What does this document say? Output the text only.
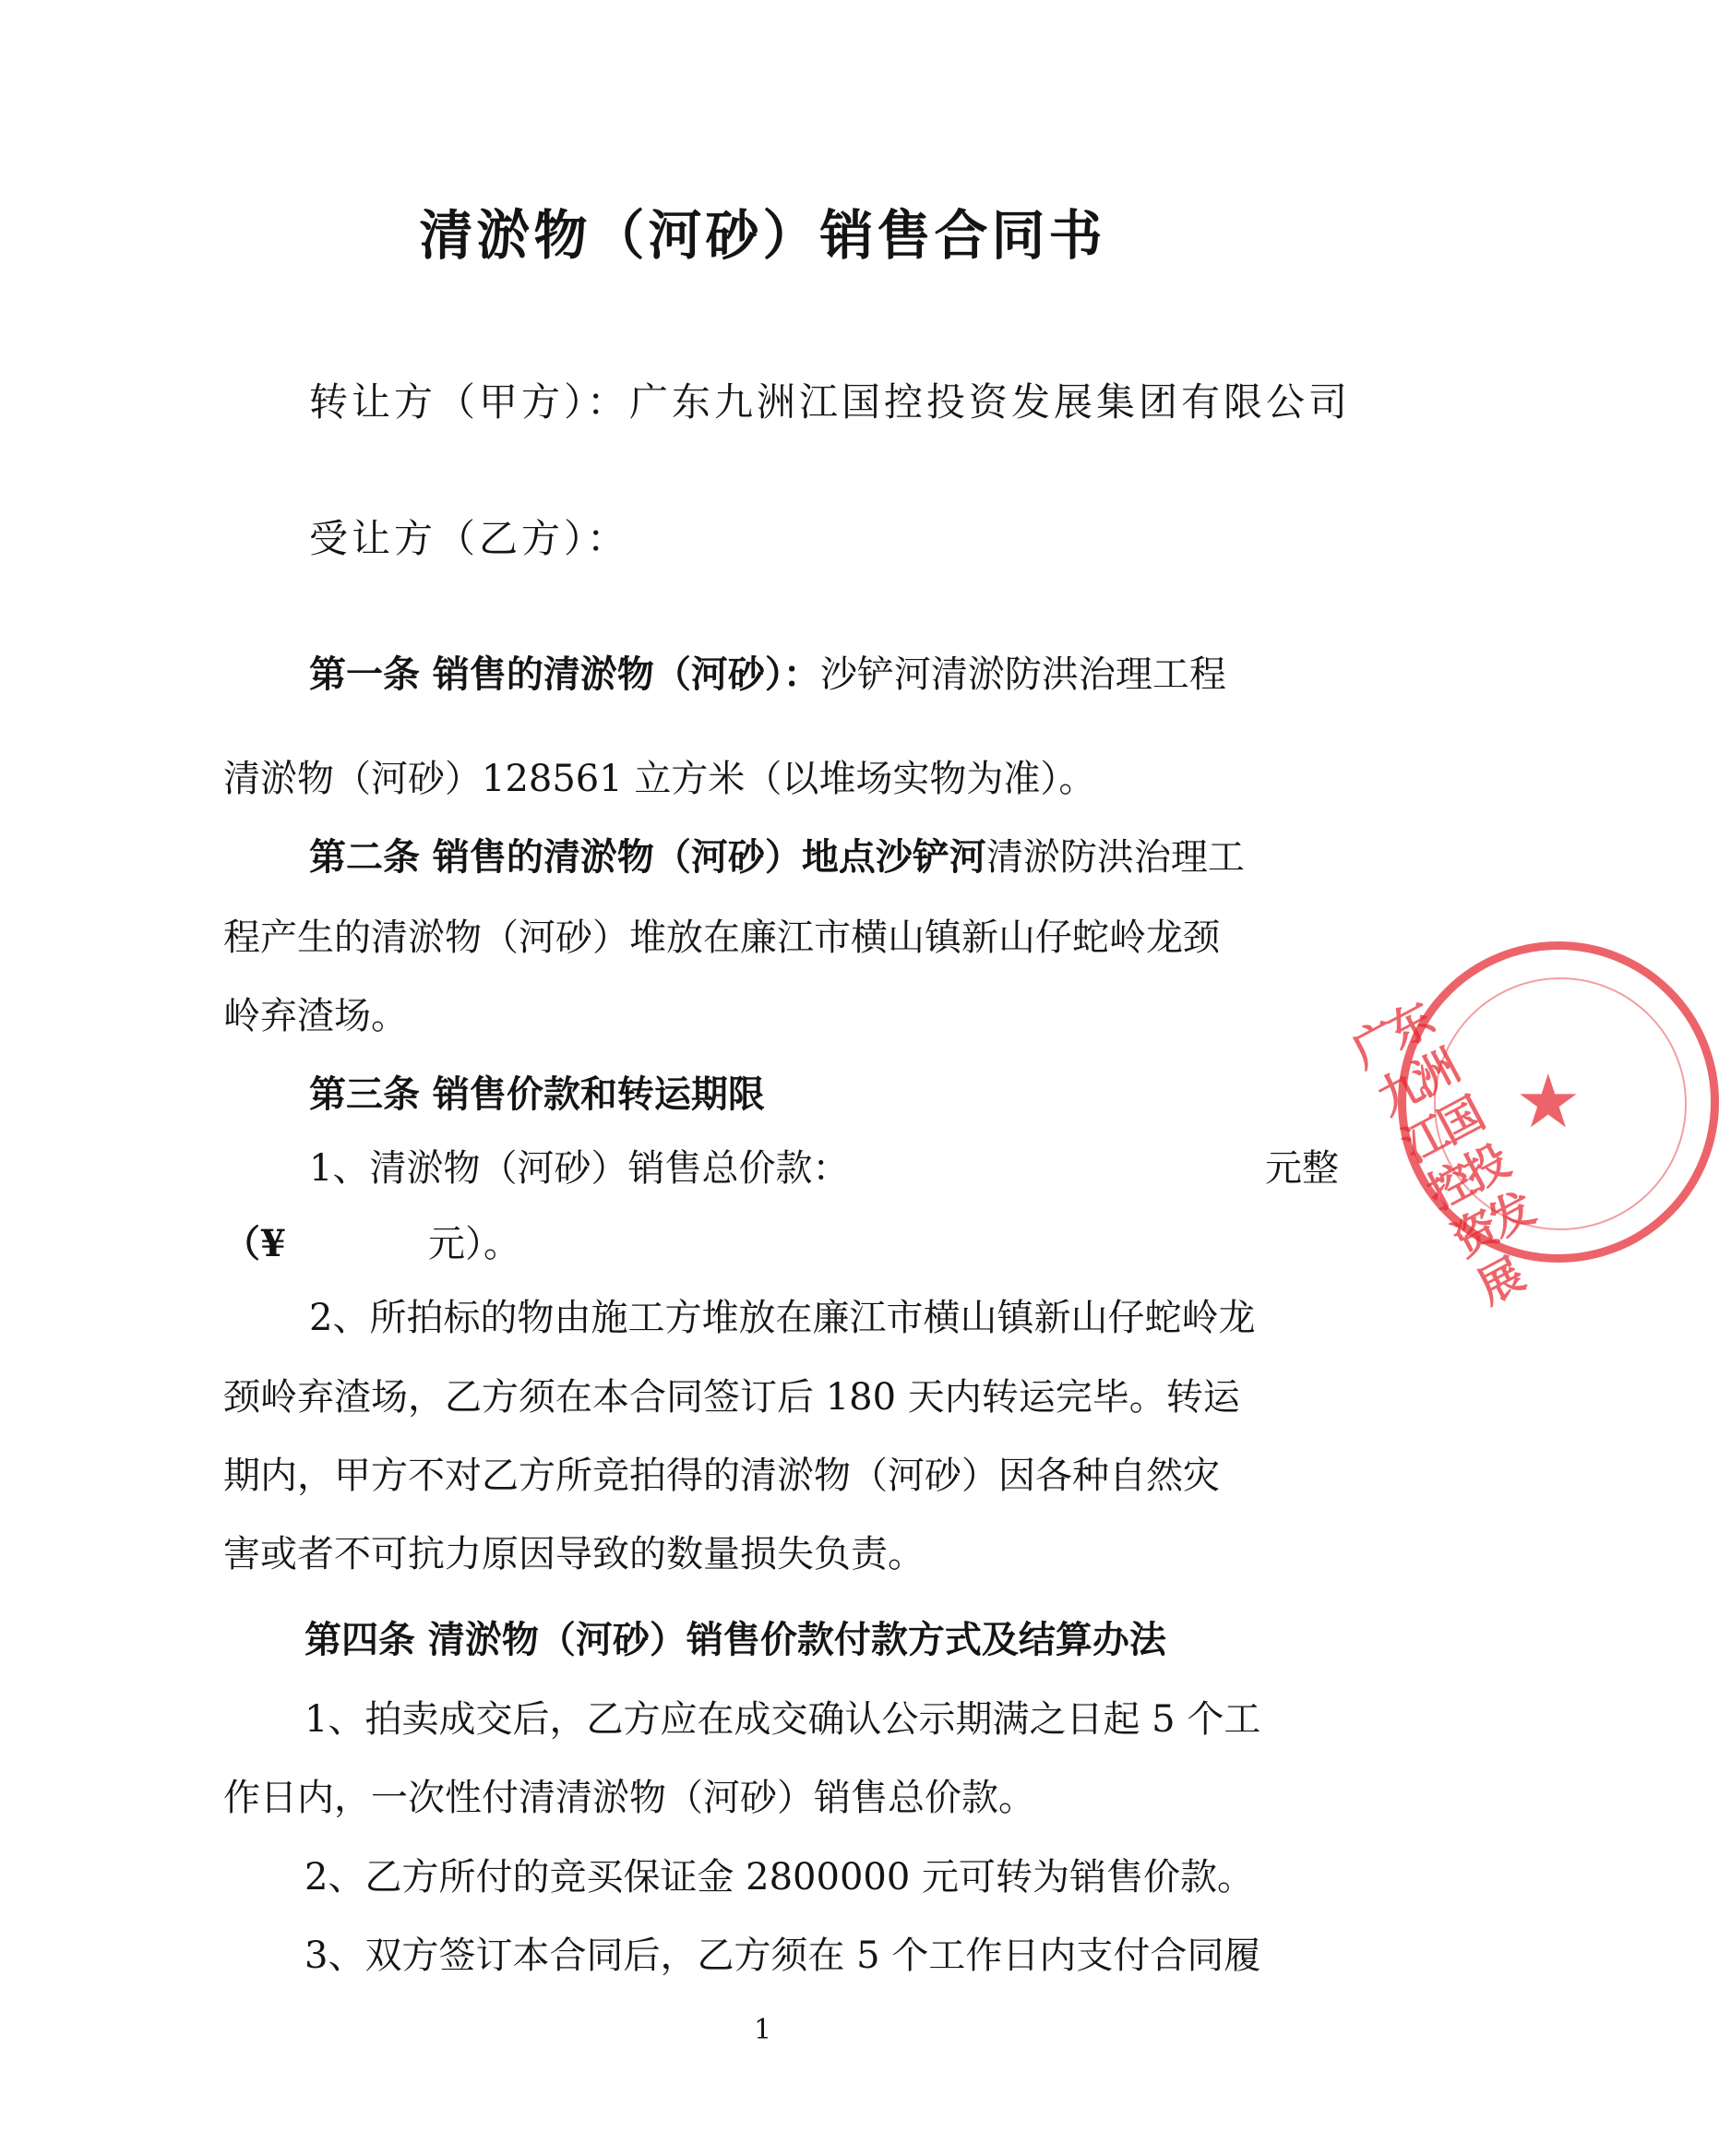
清淤物（河砂）销售合同书
转让方（甲方）：广东九洲江国控投资发展集团有限公司
受让方（乙方）：
第一条 销售的清淤物（河砂）：沙铲河清淤防洪治理工程
清淤物（河砂）128561 立方米（以堆场实物为准）。
第二条 销售的清淤物（河砂）地点沙铲河清淤防洪治理工
程产生的清淤物（河砂）堆放在廉江市横山镇新山仔蛇岭龙颈
岭弃渣场。
第三条 销售价款和转运期限
1、清淤物（河砂）销售总价款：	元整
（¥	元）。
2、所拍标的物由施工方堆放在廉江市横山镇新山仔蛇岭龙
颈岭弃渣场，乙方须在本合同签订后 180 天内转运完毕。转运
期内，甲方不对乙方所竞拍得的清淤物（河砂）因各种自然灾
害或者不可抗力原因导致的数量损失负责。
第四条 清淤物（河砂）销售价款付款方式及结算办法
1、拍卖成交后，乙方应在成交确认公示期满之日起 5 个工
作日内，一次性付清清淤物（河砂）销售总价款。
2、乙方所付的竞买保证金 2800000 元可转为销售价款。
3、双方签订本合同后，乙方须在 5 个工作日内支付合同履
1
广东九洲江国控投资发展
★
